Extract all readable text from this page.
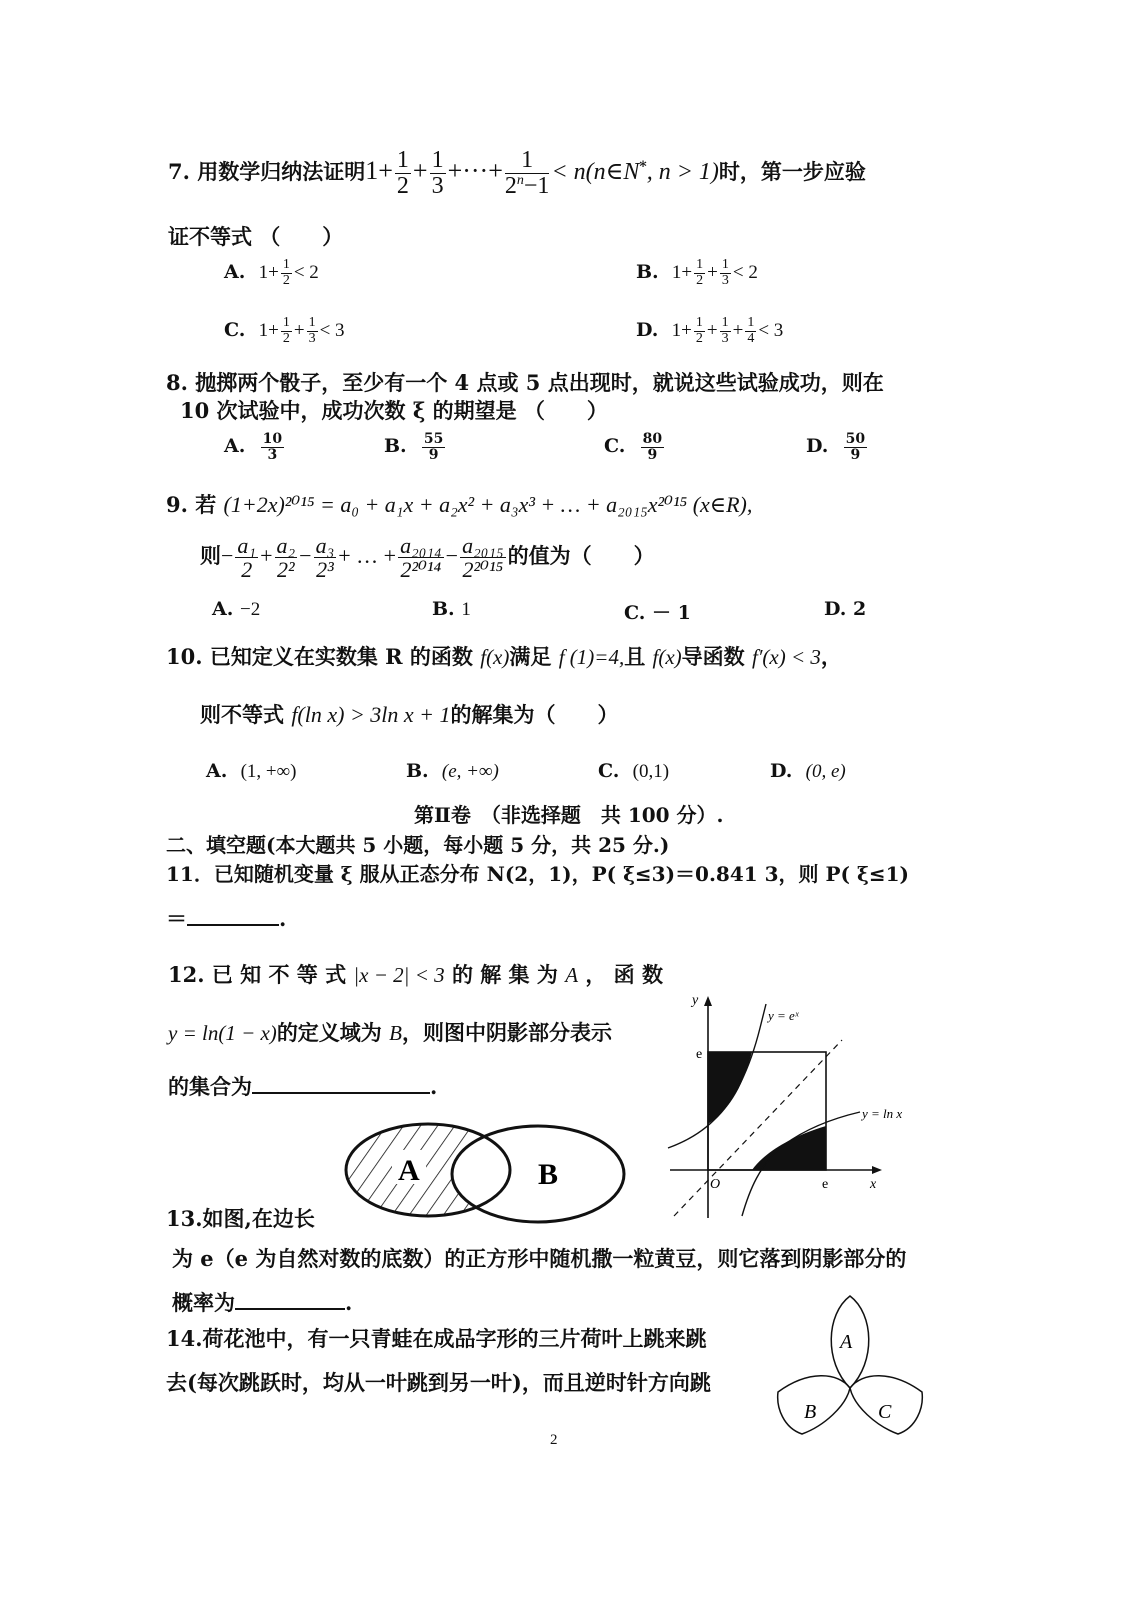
7. 用数学归纳法证明$1+ \frac{1}{2} + \frac{1}{3}$ +···+ $\frac{1}{2^n-1}$ < n(n∈N*, n > 1)时，第一步应验
证不等式 （　　）
A. $1+ \frac{1}{2} < 2$	B. $1+ \frac{1}{2} + \frac{1}{3} < 2$
C. $1+ \frac{1}{2} + \frac{1}{3} < 3$	D. $1+ \frac{1}{2} + \frac{1}{3} + \frac{1}{4} < 3$
8. 抛掷两个骰子，至少有一个 4 点或 5 点出现时，就说这些试验成功，则在
10 次试验中，成功次数 ξ 的期望是 （　　）
A. $\frac{10}{3}$	B. $\frac{55}{9}$	C. $\frac{80}{9}$	D. $\frac{50}{9}$
9. 若 (1+2x)²⁰¹⁵ = a₀ + a₁x + a₂x² + a₃x³ + … + a₂₀₁₅x²⁰¹⁵ (x∈R),
则− $\frac{\text{a₁}}{2} + \frac{\text{a₂}}{\text{2²}} - \frac{\text{a₃}}{\text{2³}}$ + … + $\frac{\text{a₂₀₁₄}}{\text{2²⁰¹⁴}} - \frac{\text{a₂₀₁₅}}{\text{2²⁰¹⁵}}$ 的值为（　　）
A. −2	B. 1	C. － 1	D. 2
10. 已知定义在实数集 R 的函数 f(x)满足 f (1)=4,且 f(x)导函数 f′(x) < 3，
则不等式 f(ln x) > 3ln x + 1的解集为（　　）
A. (1, +∞)	B. (e, +∞)	C. (0,1)	D. (0, e)
第Ⅱ卷　（非选择题　共 100 分）.
二、填空题(本大题共 5 小题，每小题 5 分，共 25 分.)
11．已知随机变量 ξ 服从正态分布 N(2，1)，P( ξ≤3)＝0.841 3，则 P( ξ≤1)
＝	.
12. 已 知 不 等 式 |x − 2| < 3 的 解 集 为 A ， 函 数
y = ln(1 − x)的定义域为 B，则图中阴影部分表示
的集合为	.
A	B
y
x
O
e
e
y = eˣ
y = ln x
13.如图,在边长
为 e（e 为自然对数的底数）的正方形中随机撒一粒黄豆，则它落到阴影部分的
概率为	.
14.荷花池中，有一只青蛙在成品字形的三片荷叶上跳来跳
去(每次跳跃时，均从一叶跳到另一叶)，而且逆时针方向跳
A
B	C
2
